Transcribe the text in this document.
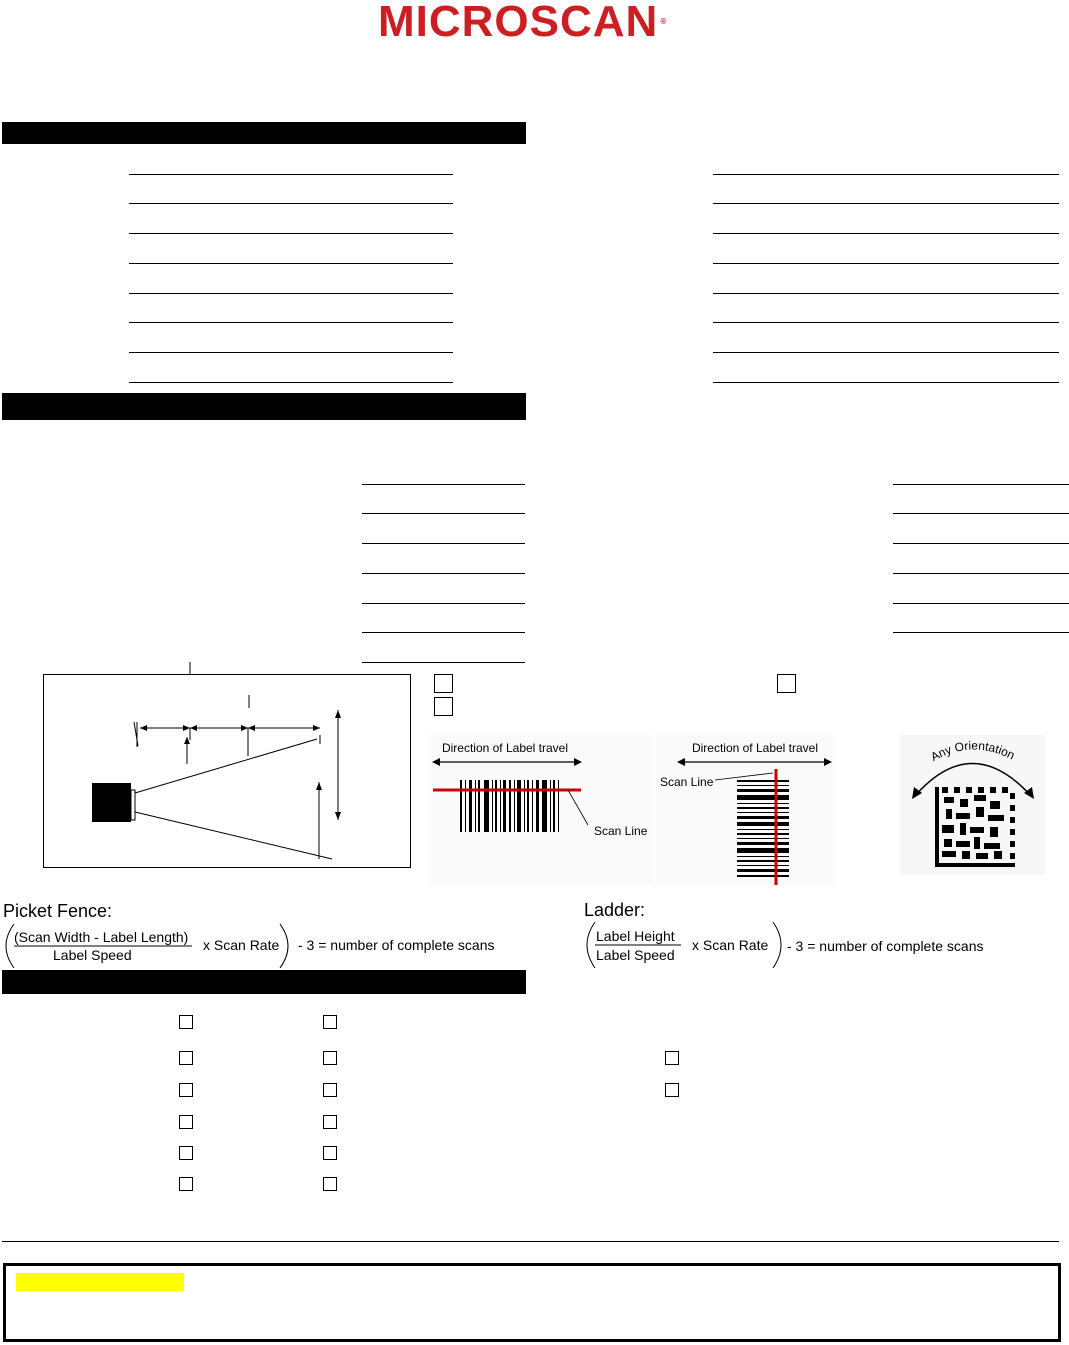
MICROSCAN ®
Direction of Label travel
Scan Line
Direction of Label travel
Scan Line
Any Orientation
Picket Fence:
(Scan Width - Label Length)
Label Speed
x Scan Rate - 3 = number of complete scans
Ladder:
Label Height
Label Speed
x Scan Rate - 3 = number of complete scans
